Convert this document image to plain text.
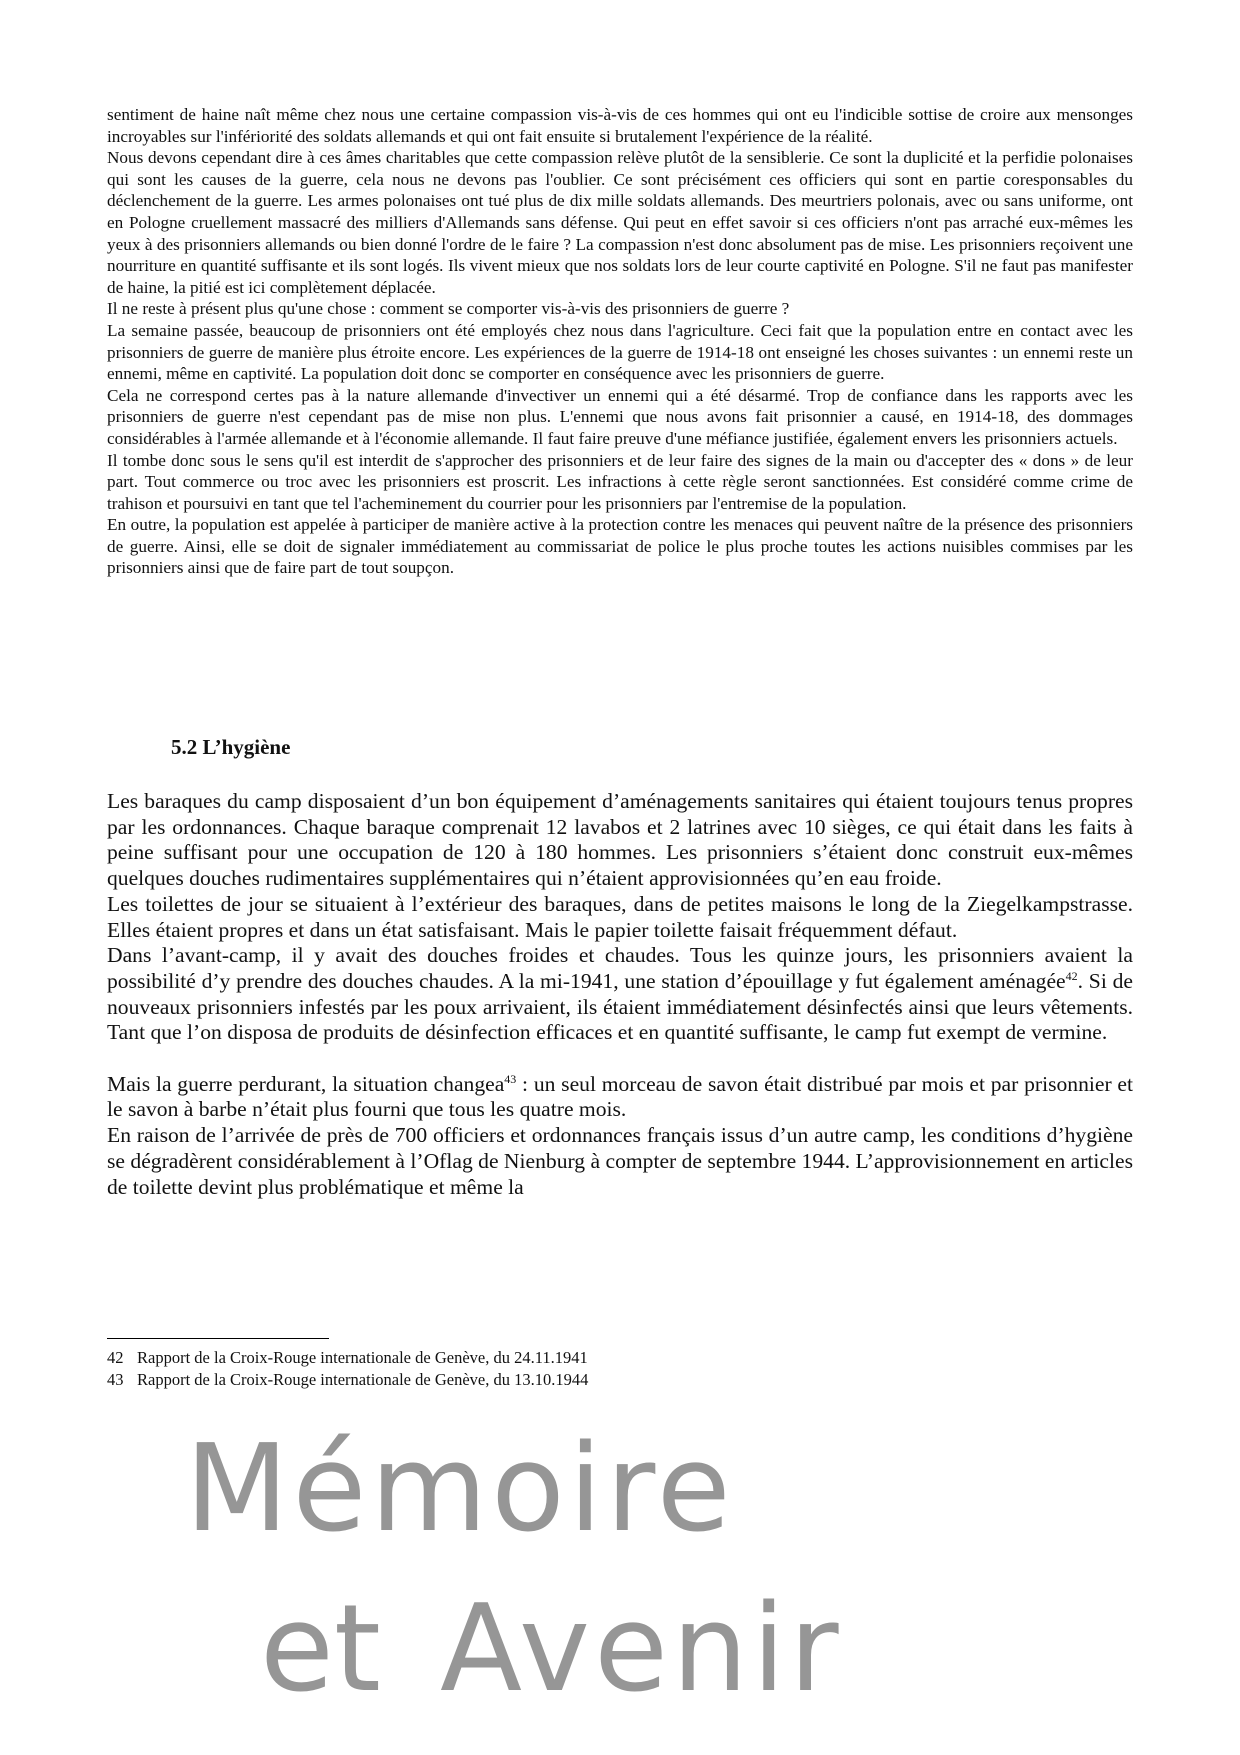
sentiment de haine naît même chez nous une certaine compassion vis-à-vis de ces hommes qui ont eu l'indicible sottise de croire aux mensonges incroyables sur l'infériorité des soldats allemands et qui ont fait ensuite si brutalement l'expérience de la réalité.

Nous devons cependant dire à ces âmes charitables que cette compassion relève plutôt de la sensiblerie. Ce sont la duplicité et la perfidie polonaises qui sont les causes de la guerre, cela nous ne devons pas l'oublier. Ce sont précisément ces officiers qui sont en partie coresponsables du déclenchement de la guerre. Les armes polonaises ont tué plus de dix mille soldats allemands. Des meurtriers polonais, avec ou sans uniforme, ont en Pologne cruellement massacré des milliers d'Allemands sans défense. Qui peut en effet savoir si ces officiers n'ont pas arraché eux-mêmes les yeux à des prisonniers allemands ou bien donné l'ordre de le faire ? La compassion n'est donc absolument pas de mise. Les prisonniers reçoivent une nourriture en quantité suffisante et ils sont logés. Ils vivent mieux que nos soldats lors de leur courte captivité en Pologne. S'il ne faut pas manifester de haine, la pitié est ici complètement déplacée.

Il ne reste à présent plus qu'une chose : comment se comporter vis-à-vis des prisonniers de guerre ?

La semaine passée, beaucoup de prisonniers ont été employés chez nous dans l'agriculture. Ceci fait que la population entre en contact avec les prisonniers de guerre de manière plus étroite encore. Les expériences de la guerre de 1914-18 ont enseigné les choses suivantes : un ennemi reste un ennemi, même en captivité. La population doit donc se comporter en conséquence avec les prisonniers de guerre.

Cela ne correspond certes pas à la nature allemande d'invectiver un ennemi qui a été désarmé. Trop de confiance dans les rapports avec les prisonniers de guerre n'est cependant pas de mise non plus. L'ennemi que nous avons fait prisonnier a causé, en 1914-18, des dommages considérables à l'armée allemande et à l'économie allemande. Il faut faire preuve d'une méfiance justifiée, également envers les prisonniers actuels.

Il tombe donc sous le sens qu'il est interdit de s'approcher des prisonniers et de leur faire des signes de la main ou d'accepter des « dons » de leur part. Tout commerce ou troc avec les prisonniers est proscrit. Les infractions à cette règle seront sanctionnées. Est considéré comme crime de trahison et poursuivi en tant que tel l'acheminement du courrier pour les prisonniers par l'entremise de la population.

En outre, la population est appelée à participer de manière active à la protection contre les menaces qui peuvent naître de la présence des prisonniers de guerre. Ainsi, elle se doit de signaler immédiatement au commissariat de police le plus proche toutes les actions nuisibles commises par les prisonniers ainsi que de faire part de tout soupçon.

5.2 L’hygiène

Les baraques du camp disposaient d’un bon équipement d’aménagements sanitaires qui étaient toujours tenus propres par les ordonnances. Chaque baraque comprenait 12 lavabos et 2 latrines avec 10 sièges, ce qui était dans les faits à peine suffisant pour une occupation de 120 à 180 hommes. Les prisonniers s’étaient donc construit eux-mêmes quelques douches rudimentaires supplémentaires qui n’étaient approvisionnées qu’en eau froide.

Les toilettes de jour se situaient à l’extérieur des baraques, dans de petites maisons le long de la Ziegelkampstrasse. Elles étaient propres et dans un état satisfaisant. Mais le papier toilette faisait fréquemment défaut.

Dans l’avant-camp, il y avait des douches froides et chaudes. Tous les quinze jours, les prisonniers avaient la possibilité d’y prendre des douches chaudes. A la mi-1941, une station d’épouillage y fut également aménagée$^{42}$. Si de nouveaux prisonniers infestés par les poux arrivaient, ils étaient immédiatement désinfectés ainsi que leurs vêtements. Tant que l’on disposa de produits de désinfection efficaces et en quantité suffisante, le camp fut exempt de vermine.

Mais la guerre perdurant, la situation changea$^{43}$ : un seul morceau de savon était distribué par mois et par prisonnier et le savon à barbe n’était plus fourni que tous les quatre mois.

En raison de l’arrivée de près de 700 officiers et ordonnances français issus d’un autre camp, les conditions d’hygiène se dégradèrent considérablement à l’Oflag de Nienburg à compter de septembre 1944. L’approvisionnement en articles de toilette devint plus problématique et même la

42 Rapport de la Croix-Rouge internationale de Genève, du 24.11.1941
43 Rapport de la Croix-Rouge internationale de Genève, du 13.10.1944
Mémoire
et Avenir
